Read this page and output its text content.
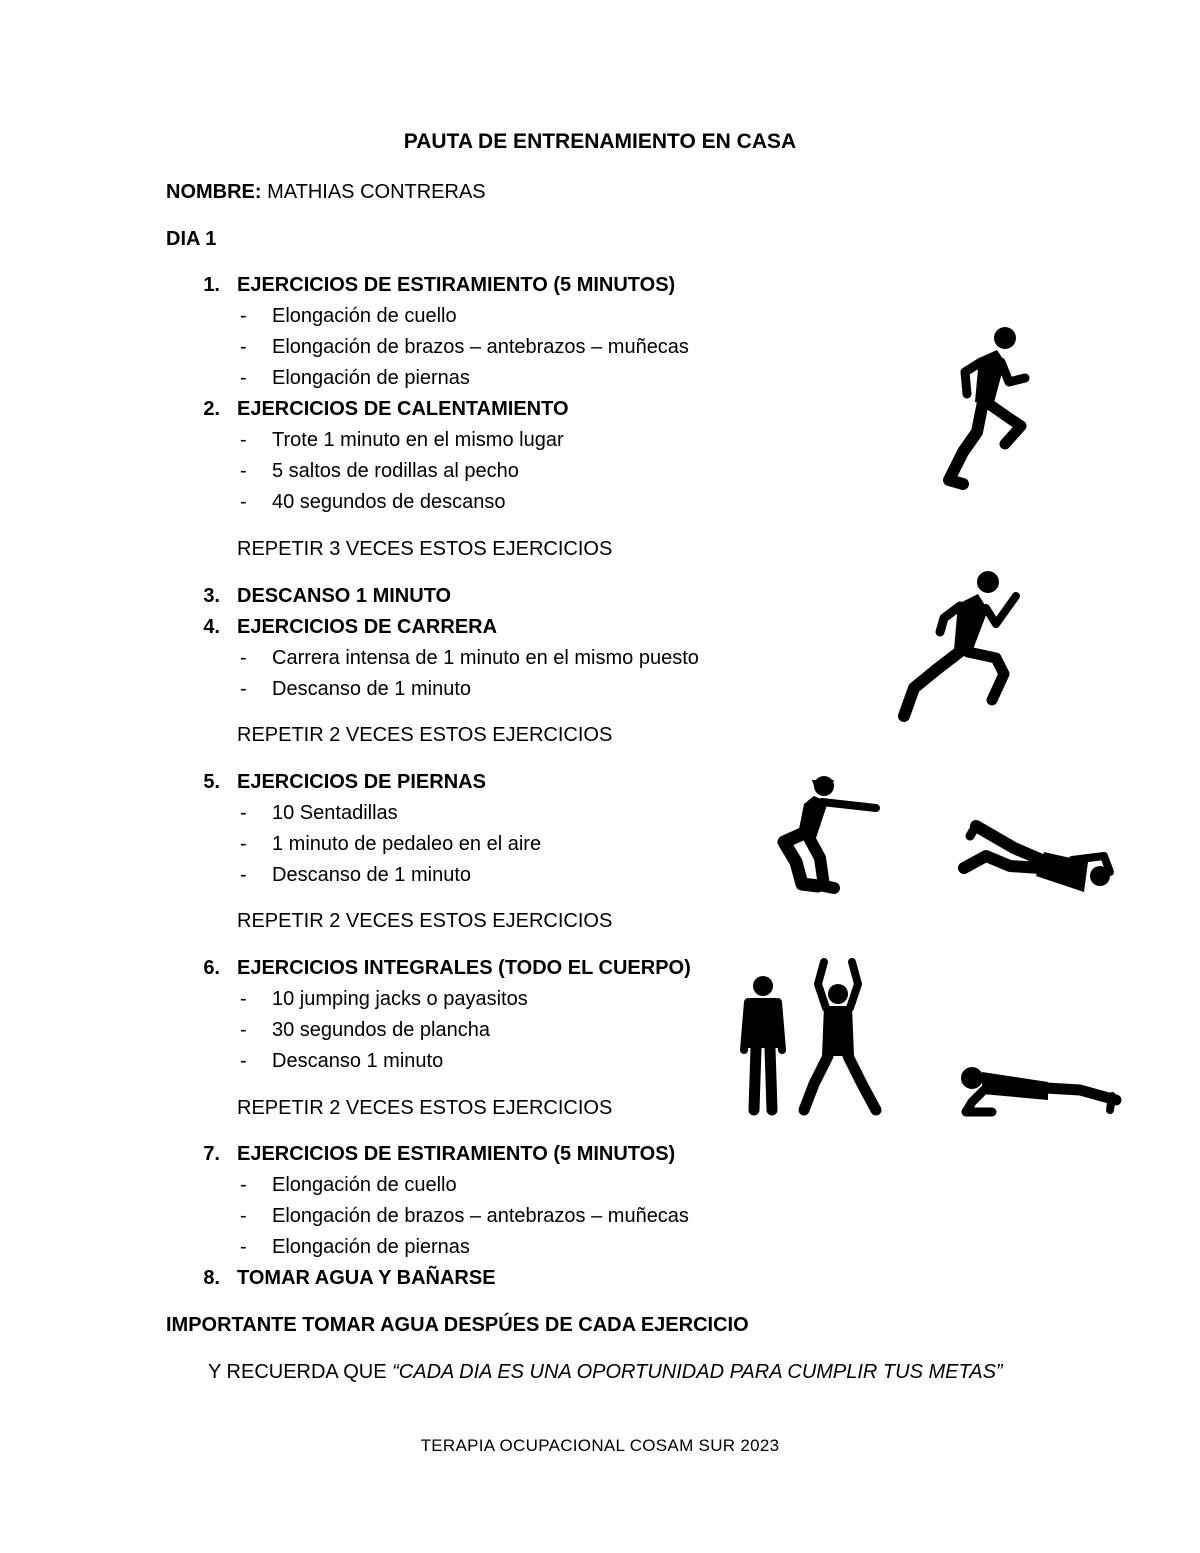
PAUTA DE ENTRENAMIENTO EN CASA
NOMBRE: MATHIAS CONTRERAS
DIA 1
1. EJERCICIOS DE ESTIRAMIENTO (5 MINUTOS)
- Elongación de cuello
- Elongación de brazos – antebrazos – muñecas
- Elongación de piernas
2. EJERCICIOS DE CALENTAMIENTO
- Trote 1 minuto en el mismo lugar
- 5 saltos de rodillas al pecho
- 40 segundos de descanso
REPETIR 3 VECES ESTOS EJERCICIOS
3. DESCANSO 1 MINUTO
4. EJERCICIOS DE CARRERA
- Carrera intensa de 1 minuto en el mismo puesto
- Descanso de 1 minuto
REPETIR 2 VECES ESTOS EJERCICIOS
5. EJERCICIOS DE PIERNAS
- 10 Sentadillas
- 1 minuto de pedaleo en el aire
- Descanso de 1 minuto
REPETIR 2 VECES ESTOS EJERCICIOS
6. EJERCICIOS INTEGRALES (TODO EL CUERPO)
- 10 jumping jacks o payasitos
- 30 segundos de plancha
- Descanso 1 minuto
REPETIR 2 VECES ESTOS EJERCICIOS
7. EJERCICIOS DE ESTIRAMIENTO (5 MINUTOS)
- Elongación de cuello
- Elongación de brazos – antebrazos – muñecas
- Elongación de piernas
8. TOMAR AGUA Y BAÑARSE
IMPORTANTE TOMAR AGUA DESPÚES DE CADA EJERCICIO
Y RECUERDA QUE “CADA DIA ES UNA OPORTUNIDAD PARA CUMPLIR TUS METAS”
TERAPIA OCUPACIONAL COSAM SUR 2023
